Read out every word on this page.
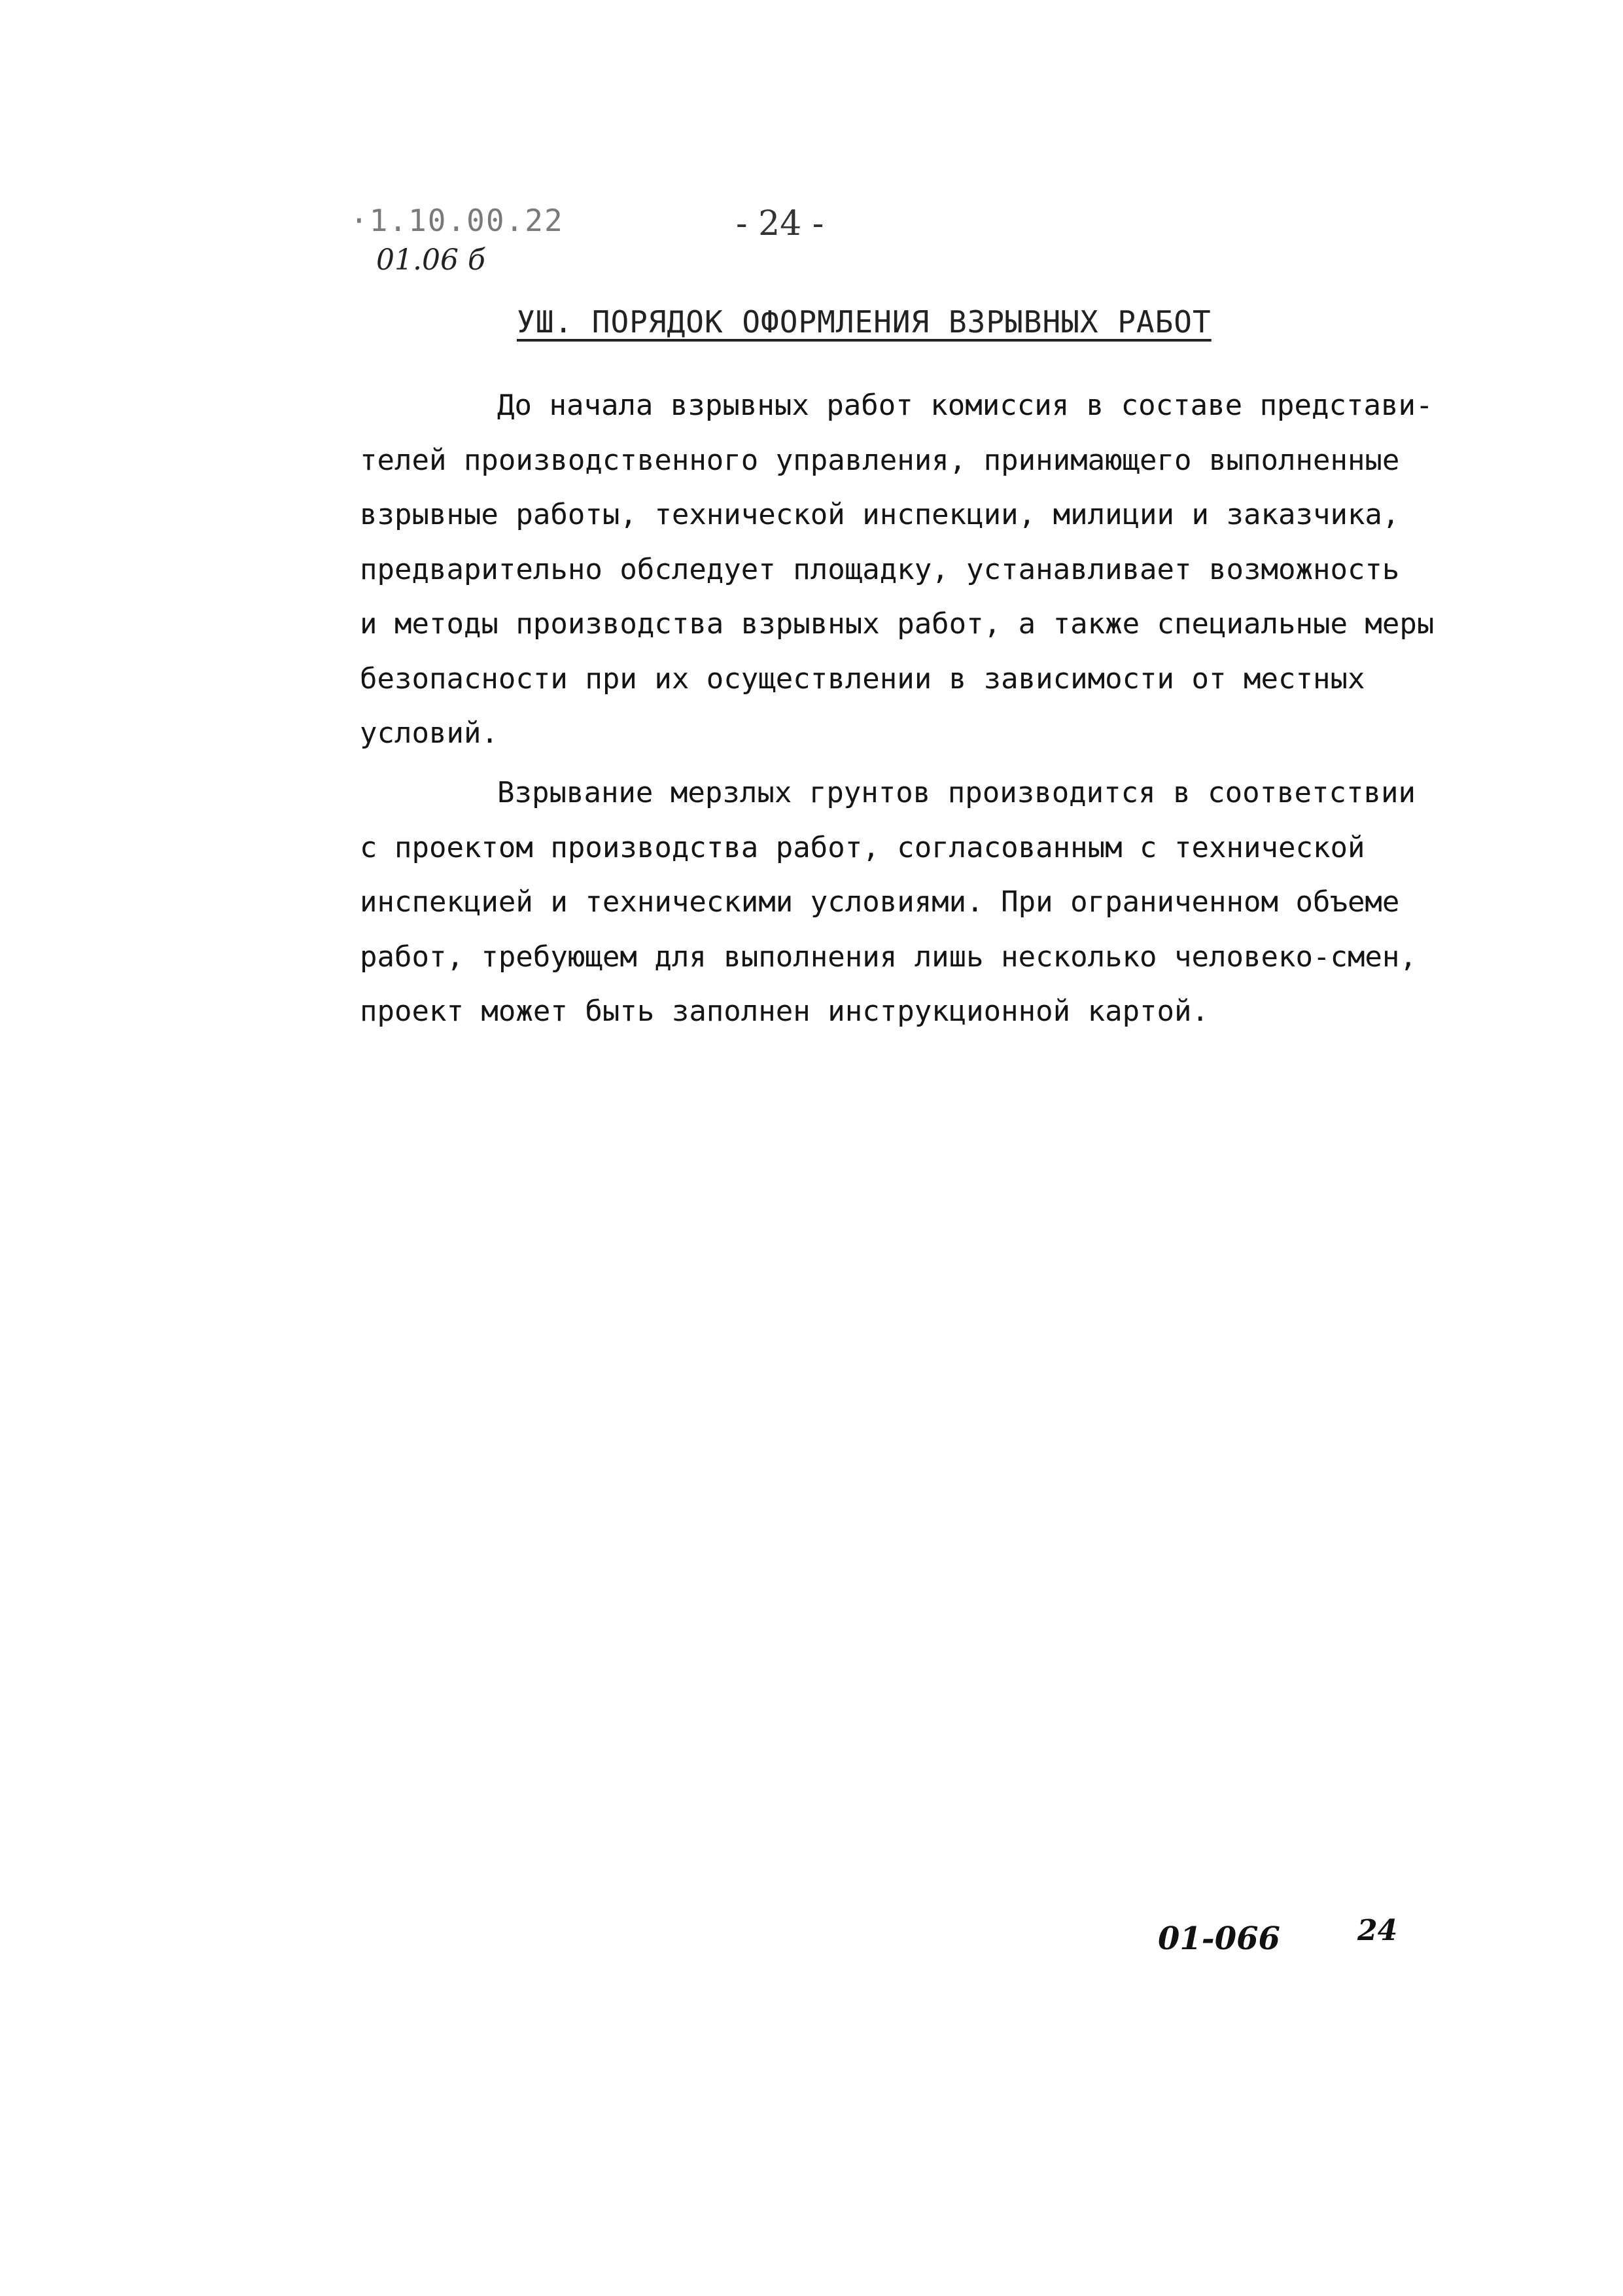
·1.10.00.22
01.06 б
- 24 -
УШ. ПОРЯДОК ОФОРМЛЕНИЯ ВЗРЫВНЫХ РАБОТ
До начала взрывных работ комиссия в составе представи-
телей производственного управления, принимающего выполненные
взрывные работы, технической инспекции, милиции и заказчика,
предварительно обследует площадку, устанавливает возможность
и методы производства взрывных работ, а также специальные меры
безопасности при их осуществлении в зависимости от местных
условий.
Взрывание мерзлых грунтов производится в соответствии
с проектом производства работ, согласованным с технической
инспекцией и техническими условиями. При ограниченном объеме
работ, требующем для выполнения лишь несколько человеко-смен,
проект может быть заполнен инструкционной картой.
01-066	24
